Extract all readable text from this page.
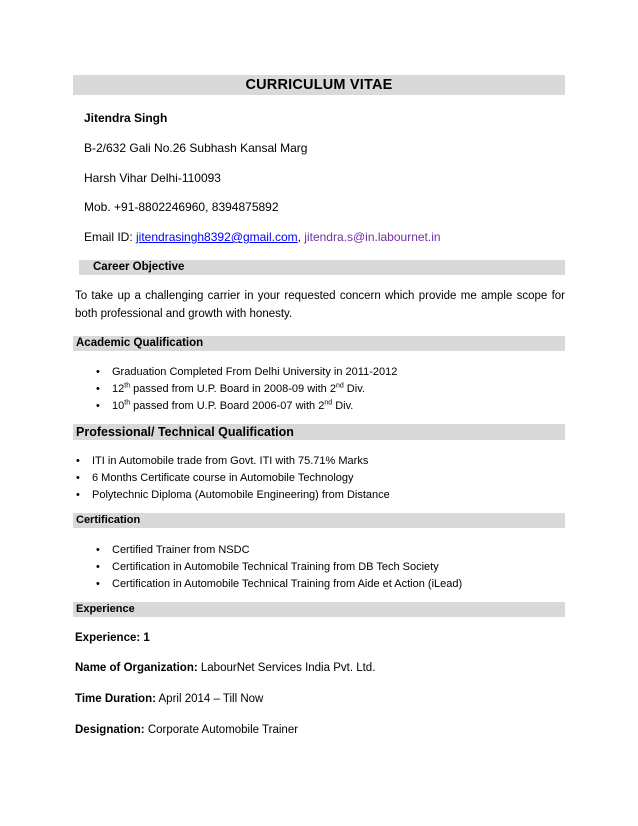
CURRICULUM VITAE
Jitendra Singh
B-2/632 Gali No.26 Subhash Kansal Marg
Harsh Vihar Delhi-110093
Mob. +91-8802246960, 8394875892
Email ID: jitendrasingh8392@gmail.com, jitendra.s@in.labournet.in
Career Objective
To take up a challenging carrier in your requested concern which provide me ample scope for both professional and growth with honesty.
Academic Qualification
• Graduation Completed From Delhi University in 2011-2012
• 12th passed from U.P. Board in 2008-09 with 2nd Div.
• 10th passed from U.P. Board 2006-07 with 2nd Div.
Professional/ Technical Qualification
• ITI in Automobile trade from Govt. ITI with 75.71% Marks
• 6 Months Certificate course in Automobile Technology
• Polytechnic Diploma (Automobile Engineering) from Distance
Certification
• Certified Trainer from NSDC
• Certification in Automobile Technical Training from DB Tech Society
• Certification in Automobile Technical Training from Aide et Action (iLead)
Experience
Experience: 1
Name of Organization: LabourNet Services India Pvt. Ltd.
Time Duration: April 2014 – Till Now
Designation: Corporate Automobile Trainer
